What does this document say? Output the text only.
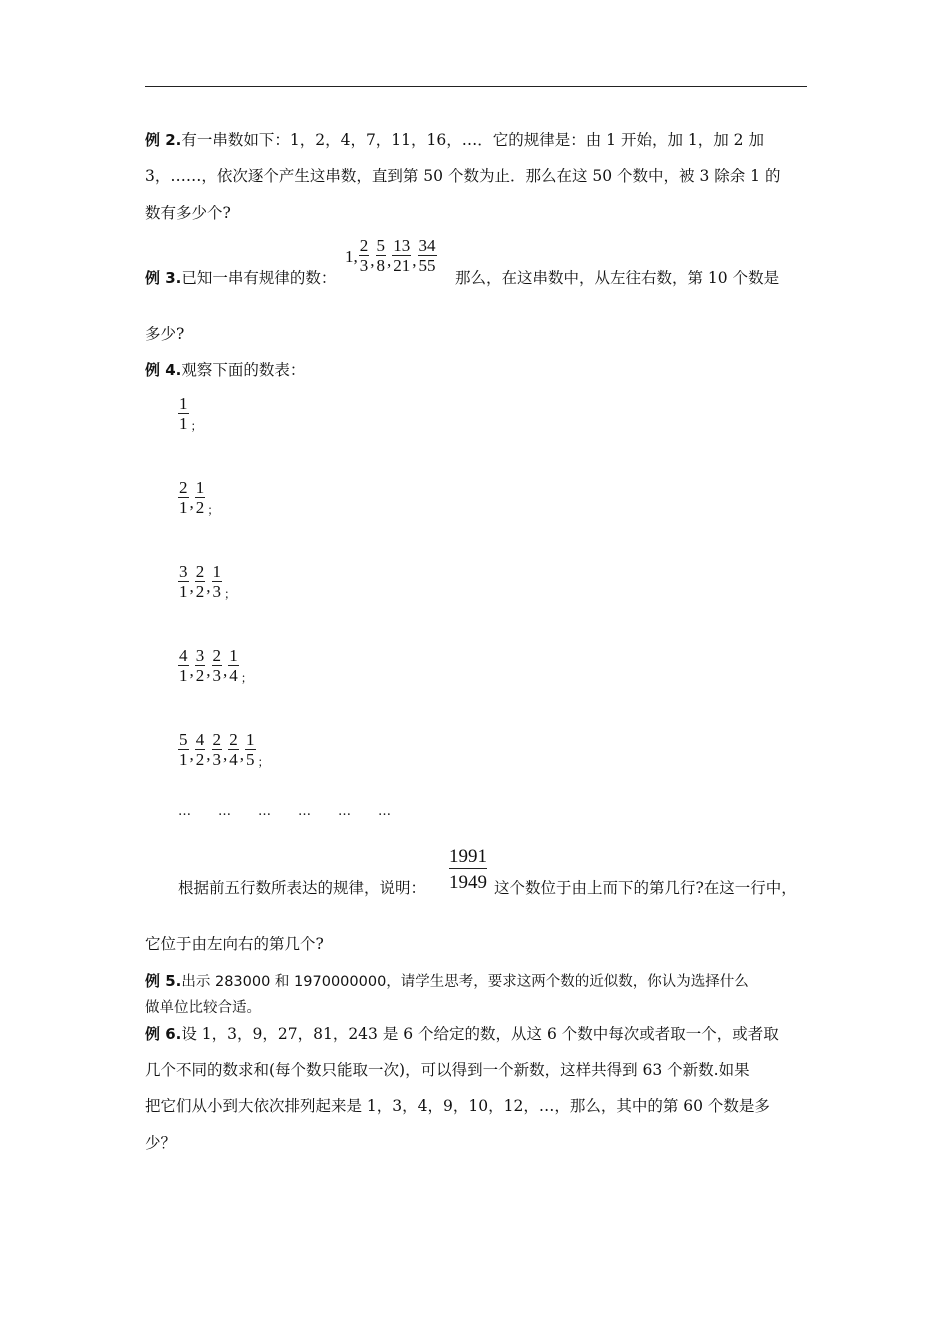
例 2.有一串数如下：1，2，4，7，11，16，…．它的规律是：由 1 开始，加 1，加 2 加
3，……，依次逐个产生这串数，直到第 50 个数为止．那么在这 50 个数中，被 3 除余 1 的
数有多少个?
例 3.已知一串有规律的数：
1, $\frac{2}{3}$ , $\frac{5}{8}$ , $\frac{13}{21}$ , $\frac{34}{55}$
那么，在这串数中，从左往右数，第 10 个数是
多少?
例 4.观察下面的数表：
$\frac{1}{1} _;$
$\frac{2}{1}$ , $\frac{1}{2} _;$
$\frac{3}{1}$ , $\frac{2}{2}$ , $\frac{1}{3} _;$
$\frac{4}{1}$ , $\frac{3}{2}$ , $\frac{2}{3}$ , $\frac{1}{4} _;$
$\frac{5}{1}$ , $\frac{4}{2}$ , $\frac{2}{3}$ , $\frac{2}{4}$ , $\frac{1}{5} _;$
… … … … … …
根据前五行数所表达的规律，说明： $\frac{1991}{1949}$ 这个数位于由上而下的第几行?在这一行中，
它位于由左向右的第几个?
例 5.出示 283000 和 1970000000，请学生思考，要求这两个数的近似数，你认为选择什么
做单位比较合适。
例 6.设 1，3，9，27，81，243 是 6 个给定的数，从这 6 个数中每次或者取一个，或者取
几个不同的数求和(每个数只能取一次)，可以得到一个新数，这样共得到 63 个新数.如果
把它们从小到大依次排列起来是 1，3，4，9，10，12，…，那么，其中的第 60 个数是多
少？
